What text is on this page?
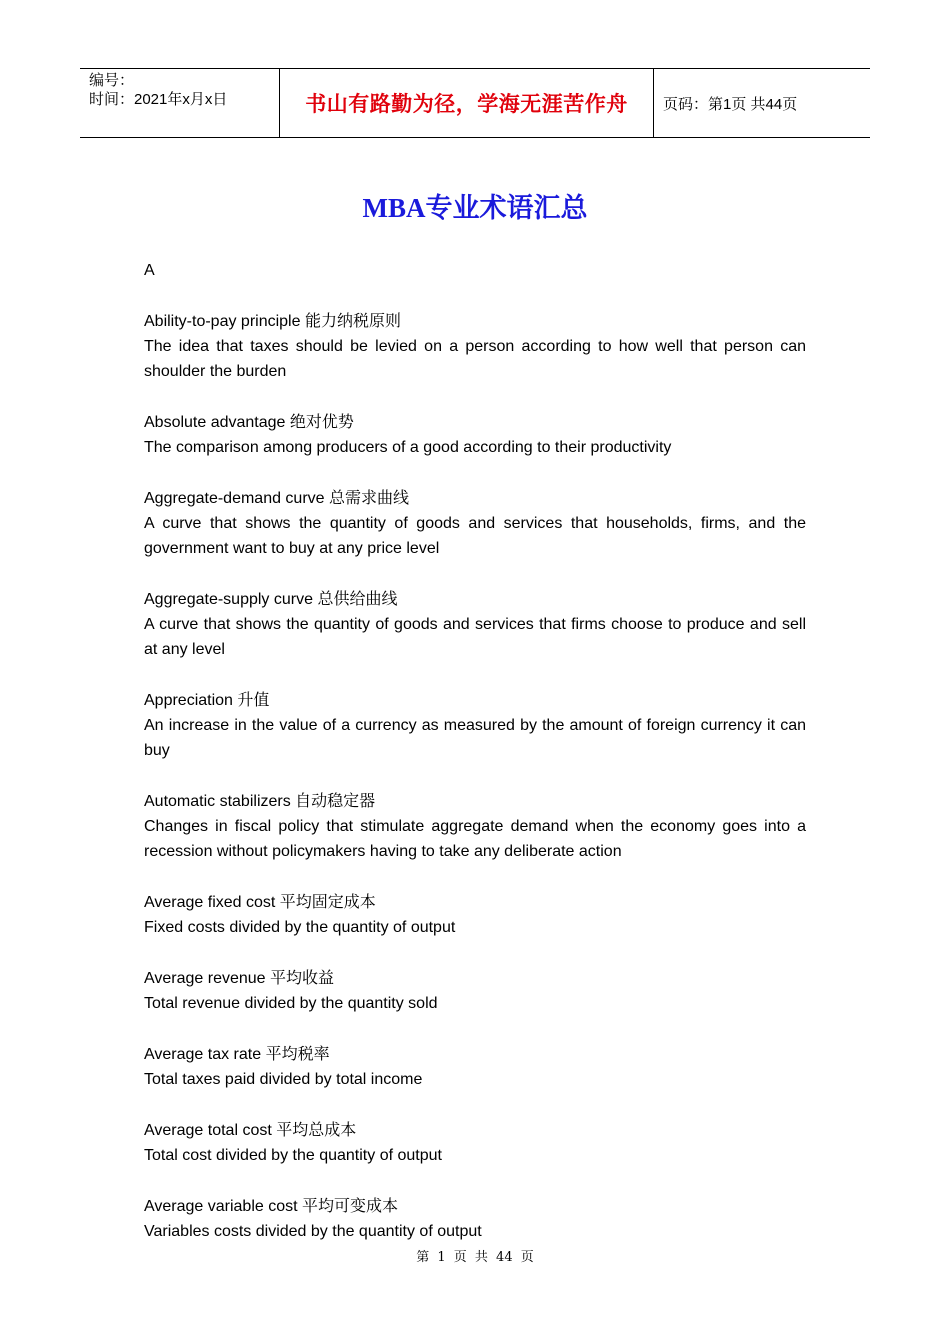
编号：
时间：2021年x月x日	书山有路勤为径，学海无涯苦作舟	页码：第1页 共44页
MBA专业术语汇总
A
Ability-to-pay principle 能力纳税原则
The idea that taxes should be levied on a person according to how well that person can shoulder the burden
Absolute advantage 绝对优势
The comparison among producers of a good according to their productivity
Aggregate-demand curve 总需求曲线
A curve that shows the quantity of goods and services that households, firms, and the government want to buy at any price level
Aggregate-supply curve 总供给曲线
A curve that shows the quantity of goods and services that firms choose to produce and sell at any level
Appreciation 升值
An increase in the value of a currency as measured by the amount of foreign currency it can buy
Automatic stabilizers 自动稳定器
Changes in fiscal policy that stimulate aggregate demand when the economy goes into a recession without policymakers having to take any deliberate action
Average fixed cost 平均固定成本
Fixed costs divided by the quantity of output
Average revenue 平均收益
Total revenue divided by the quantity sold
Average tax rate 平均税率
Total taxes paid divided by total income
Average total cost 平均总成本
Total cost divided by the quantity of output
Average variable cost 平均可变成本
Variables costs divided by the quantity of output
第 1 页 共 44 页
